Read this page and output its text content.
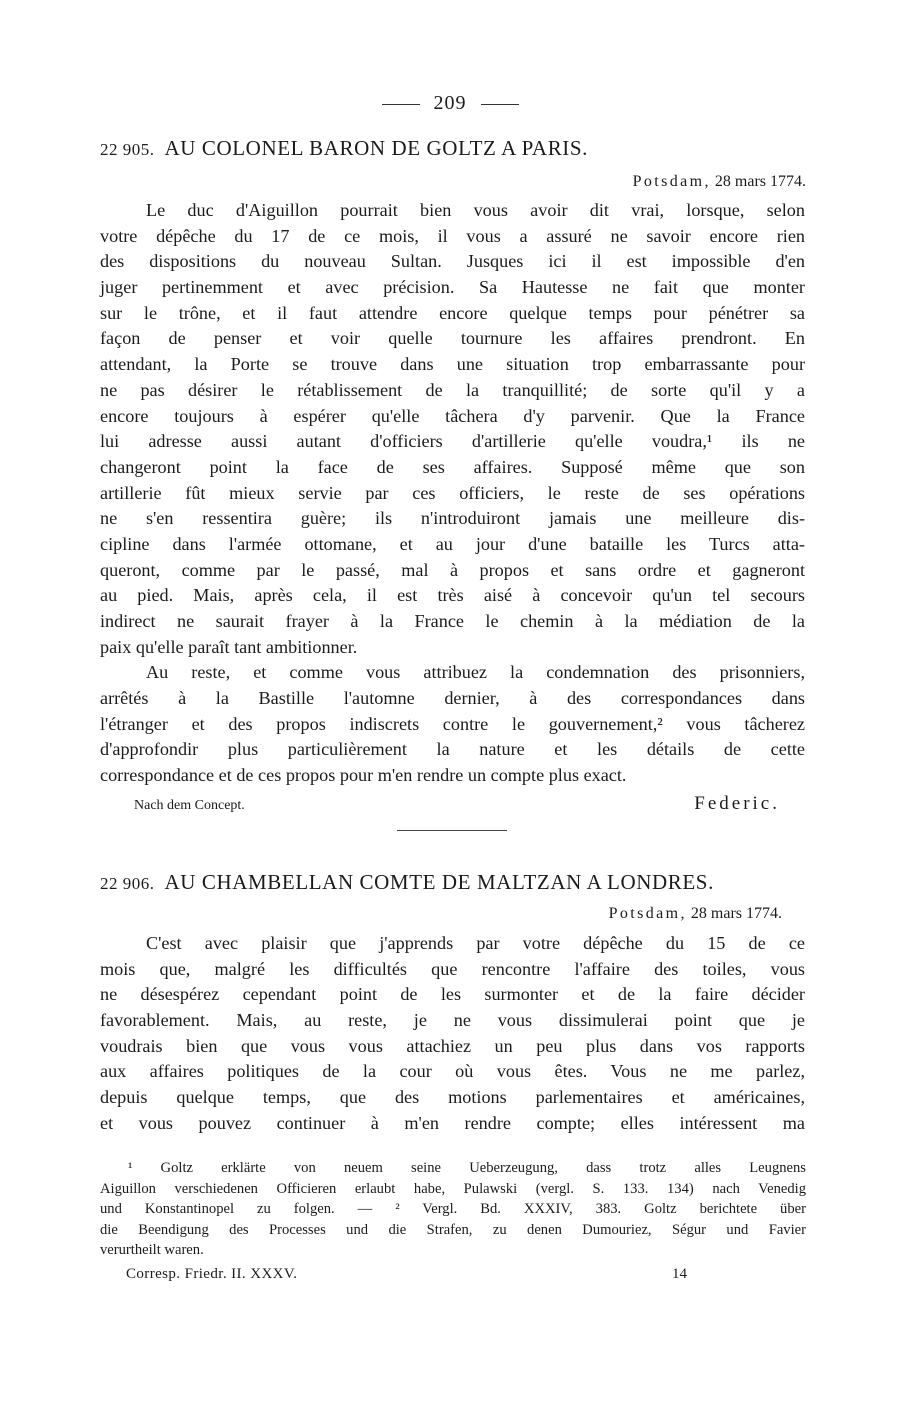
209
22 905. AU COLONEL BARON DE GOLTZ A PARIS.
Potsdam, 28 mars 1774.
Le duc d'Aiguillon pourrait bien vous avoir dit vrai, lorsque, selon
votre dépêche du 17 de ce mois, il vous a assuré ne savoir encore rien
des dispositions du nouveau Sultan. Jusques ici il est impossible d'en
juger pertinemment et avec précision. Sa Hautesse ne fait que monter
sur le trône, et il faut attendre encore quelque temps pour pénétrer sa
façon de penser et voir quelle tournure les affaires prendront. En
attendant, la Porte se trouve dans une situation trop embarrassante pour
ne pas désirer le rétablissement de la tranquillité; de sorte qu'il y a
encore toujours à espérer qu'elle tâchera d'y parvenir. Que la France
lui adresse aussi autant d'officiers d'artillerie qu'elle voudra,¹ ils ne
changeront point la face de ses affaires. Supposé même que son
artillerie fût mieux servie par ces officiers, le reste de ses opérations
ne s'en ressentira guère; ils n'introduiront jamais une meilleure dis-
cipline dans l'armée ottomane, et au jour d'une bataille les Turcs atta-
queront, comme par le passé, mal à propos et sans ordre et gagneront
au pied. Mais, après cela, il est très aisé à concevoir qu'un tel secours
indirect ne saurait frayer à la France le chemin à la médiation de la
paix qu'elle paraît tant ambitionner.
Au reste, et comme vous attribuez la condemnation des prisonniers,
arrêtés à la Bastille l'automne dernier, à des correspondances dans
l'étranger et des propos indiscrets contre le gouvernement,² vous tâcherez
d'approfondir plus particulièrement la nature et les détails de cette
correspondance et de ces propos pour m'en rendre un compte plus exact.
Nach dem Concept.	Federic.
22 906. AU CHAMBELLAN COMTE DE MALTZAN A LONDRES.
Potsdam, 28 mars 1774.
C'est avec plaisir que j'apprends par votre dépêche du 15 de ce
mois que, malgré les difficultés que rencontre l'affaire des toiles, vous
ne désespérez cependant point de les surmonter et de la faire décider
favorablement. Mais, au reste, je ne vous dissimulerai point que je
voudrais bien que vous vous attachiez un peu plus dans vos rapports
aux affaires politiques de la cour où vous êtes. Vous ne me parlez,
depuis quelque temps, que des motions parlementaires et américaines,
et vous pouvez continuer à m'en rendre compte; elles intéressent ma
¹ Goltz erklärte von neuem seine Ueberzeugung, dass trotz alles Leugnens
Aiguillon verschiedenen Officieren erlaubt habe, Pulawski (vergl. S. 133. 134) nach Venedig
und Konstantinopel zu folgen. — ² Vergl. Bd. XXXIV, 383. Goltz berichtete über
die Beendigung des Processes und die Strafen, zu denen Dumouriez, Ségur und Favier
verurtheilt waren.
Corresp. Friedr. II. XXXV.	14
